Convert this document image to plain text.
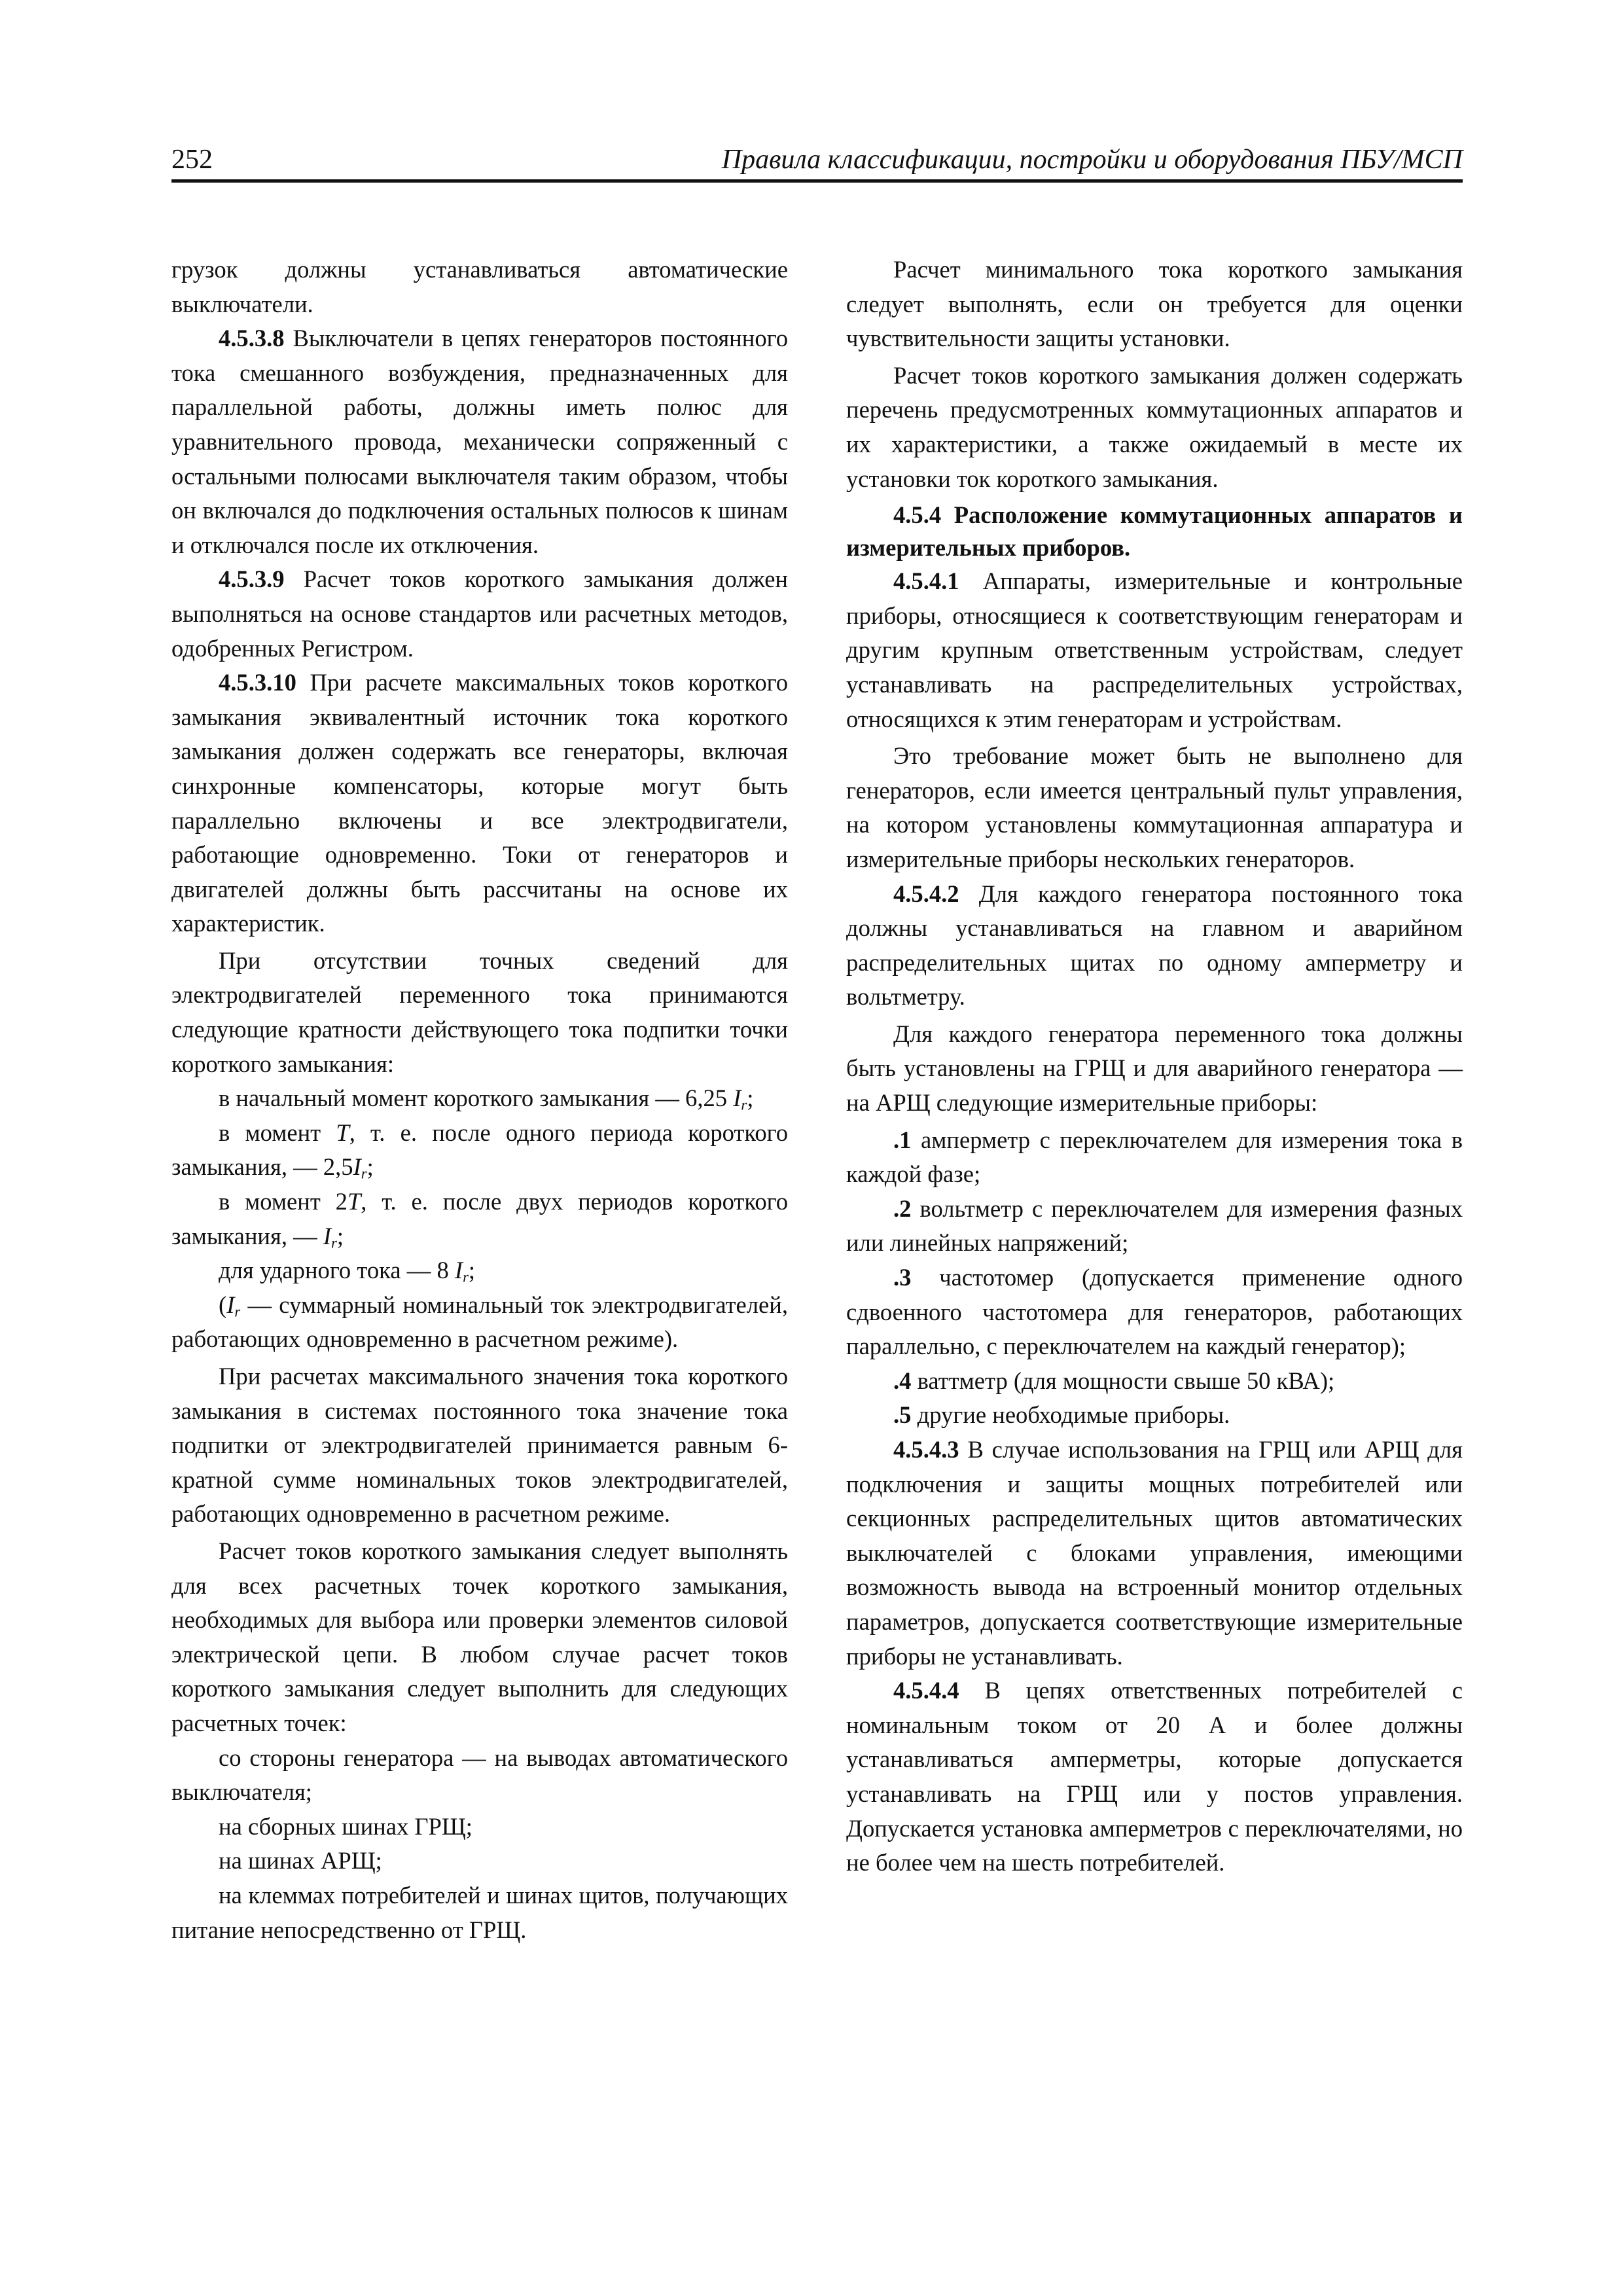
252	Правила классификации, постройки и оборудования ПБУ/МСП

грузок должны устанавливаться автоматические выключатели.

4.5.3.8 Выключатели в цепях генераторов постоянного тока смешанного возбуждения, предназначенных для параллельной работы, должны иметь полюс для уравнительного провода, механически сопряженный с остальными полюсами выключателя таким образом, чтобы он включался до подключения остальных полюсов к шинам и отключался после их отключения.

4.5.3.9 Расчет токов короткого замыкания должен выполняться на основе стандартов или расчетных методов, одобренных Регистром.

4.5.3.10 При расчете максимальных токов короткого замыкания эквивалентный источник тока короткого замыкания должен содержать все генераторы, включая синхронные компенсаторы, которые могут быть параллельно включены и все электродвигатели, работающие одновременно. Токи от генераторов и двигателей должны быть рассчитаны на основе их характеристик.

При отсутствии точных сведений для электродвигателей переменного тока принимаются следующие кратности действующего тока подпитки точки короткого замыкания:

в начальный момент короткого замыкания — 6,25 $I_r$;

в момент T, т. е. после одного периода короткого замыкания, — $2,5I_r$;

в момент 2T, т. е. после двух периодов короткого замыкания, — $I_r$;

для ударного тока — 8 $I_r$;

($I_r$ — суммарный номинальный ток электродвигателей, работающих одновременно в расчетном режиме).

При расчетах максимального значения тока короткого замыкания в системах постоянного тока значение тока подпитки от электродвигателей принимается равным 6-кратной сумме номинальных токов электродвигателей, работающих одновременно в расчетном режиме.

Расчет токов короткого замыкания следует выполнять для всех расчетных точек короткого замыкания, необходимых для выбора или проверки элементов силовой электрической цепи. В любом случае расчет токов короткого замыкания следует выполнить для следующих расчетных точек:

со стороны генератора — на выводах автоматического выключателя;

на сборных шинах ГРЩ;

на шинах АРЩ;

на клеммах потребителей и шинах щитов, получающих питание непосредственно от ГРЩ.

Расчет минимального тока короткого замыкания следует выполнять, если он требуется для оценки чувствительности защиты установки.

Расчет токов короткого замыкания должен содержать перечень предусмотренных коммутационных аппаратов и их характеристики, а также ожидаемый в месте их установки ток короткого замыкания.

4.5.4 Расположение коммутационных аппаратов и измерительных приборов.

4.5.4.1 Аппараты, измерительные и контрольные приборы, относящиеся к соответствующим генераторам и другим крупным ответственным устройствам, следует устанавливать на распределительных устройствах, относящихся к этим генераторам и устройствам.

Это требование может быть не выполнено для генераторов, если имеется центральный пульт управления, на котором установлены коммутационная аппаратура и измерительные приборы нескольких генераторов.

4.5.4.2 Для каждого генератора постоянного тока должны устанавливаться на главном и аварийном распределительных щитах по одному амперметру и вольтметру.

Для каждого генератора переменного тока должны быть установлены на ГРЩ и для аварийного генератора — на АРЩ следующие измерительные приборы:

.1 амперметр с переключателем для измерения тока в каждой фазе;

.2 вольтметр с переключателем для измерения фазных или линейных напряжений;

.3 частотомер (допускается применение одного сдвоенного частотомера для генераторов, работающих параллельно, с переключателем на каждый генератор);

.4 ваттметр (для мощности свыше 50 кВА);

.5 другие необходимые приборы.

4.5.4.3 В случае использования на ГРЩ или АРЩ для подключения и защиты мощных потребителей или секционных распределительных щитов автоматических выключателей с блоками управления, имеющими возможность вывода на встроенный монитор отдельных параметров, допускается соответствующие измерительные приборы не устанавливать.

4.5.4.4 В цепях ответственных потребителей с номинальным током от 20 А и более должны устанавливаться амперметры, которые допускается устанавливать на ГРЩ или у постов управления. Допускается установка амперметров с переключателями, но не более чем на шесть потребителей.
